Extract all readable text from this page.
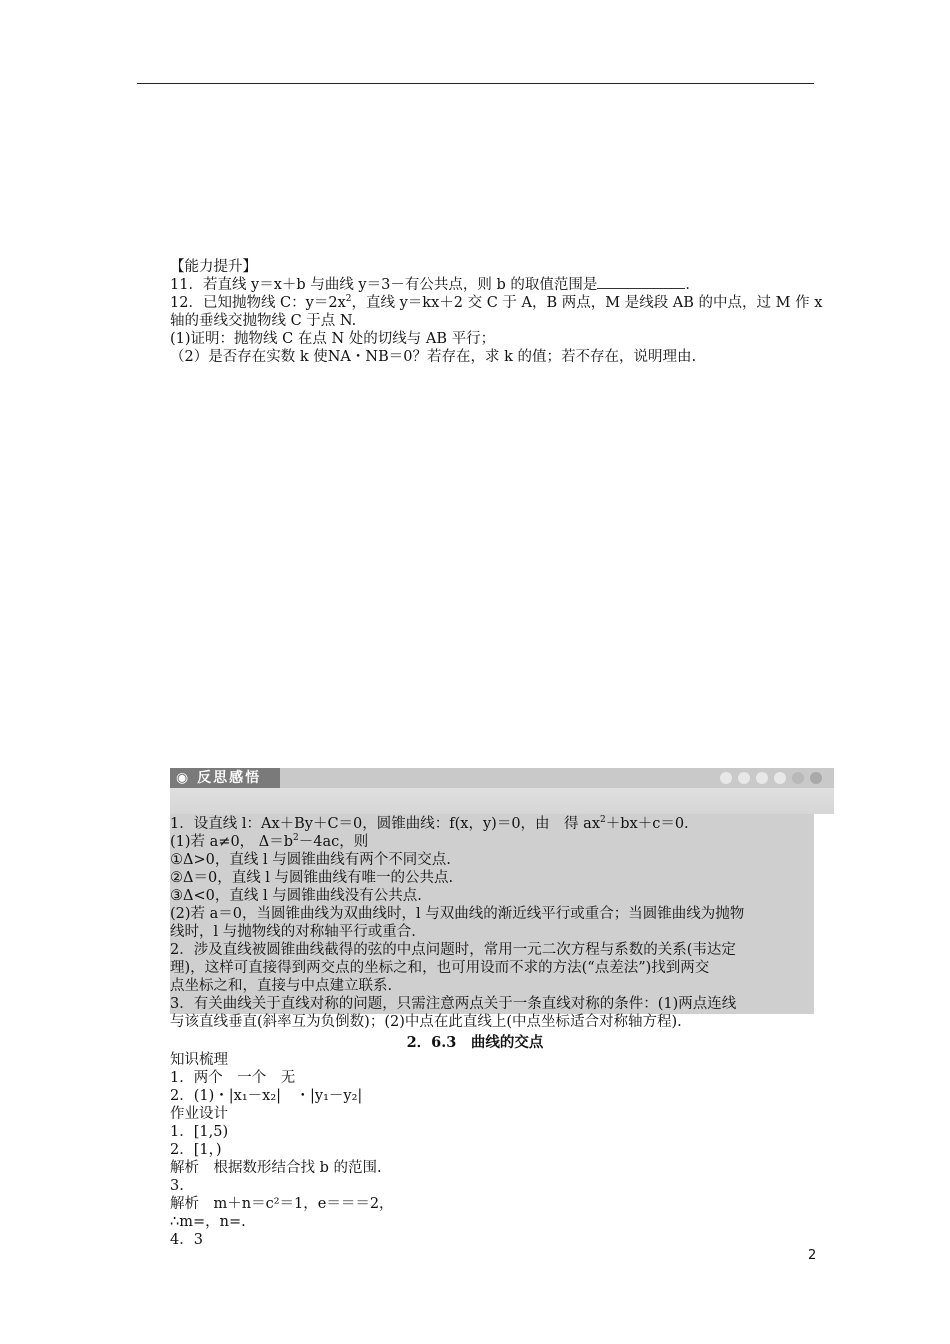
【能力提升】
11．若直线 y＝x＋b 与曲线 y＝3－有公共点，则 b 的取值范围是	．
12．已知抛物线 C：$y=2x^2$，直线 y＝kx＋2 交 C 于 A，B 两点，M 是线段 AB 的中点，过 M 作 x
轴的垂线交抛物线 C 于点 N.
(1)证明：抛物线 C 在点 N 处的切线与 AB 平行；
（2）是否存在实数 k 使NA・NB＝0？若存在，求 k 的值；若不存在，说明理由.
◉ 反思感悟
1．设直线 l：Ax＋By＋C＝0，圆锥曲线：f(x，y)＝0，由　得 $ax^2+bx+c=0$.
(1)若 a≠0， $\Delta=b^2-4ac$，则
①Δ>0，直线 l 与圆锥曲线有两个不同交点.
②Δ＝0，直线 l 与圆锥曲线有唯一的公共点.
③Δ<0，直线 l 与圆锥曲线没有公共点.
(2)若 a＝0，当圆锥曲线为双曲线时，l 与双曲线的渐近线平行或重合；当圆锥曲线为抛物
线时，l 与抛物线的对称轴平行或重合.
2．涉及直线被圆锥曲线截得的弦的中点问题时，常用一元二次方程与系数的关系(韦达定
理)，这样可直接得到两交点的坐标之和，也可用设而不求的方法(“点差法”)找到两交
点坐标之和，直接与中点建立联系.
3．有关曲线关于直线对称的问题，只需注意两点关于一条直线对称的条件：(1)两点连线
与该直线垂直(斜率互为负倒数)；(2)中点在此直线上(中点坐标适合对称轴方程).
2．6.3　曲线的交点
知识梳理
1．两个　一个　无
2．(1)・|x₁－x₂|　・|y₁－y₂|
作业设计
1．[1,5)
2．[1，)
解析　根据数形结合找 b 的范围.
3.
解析　m＋n＝c²＝1，e＝＝＝2，
∴m=，n=.
4．3
2
